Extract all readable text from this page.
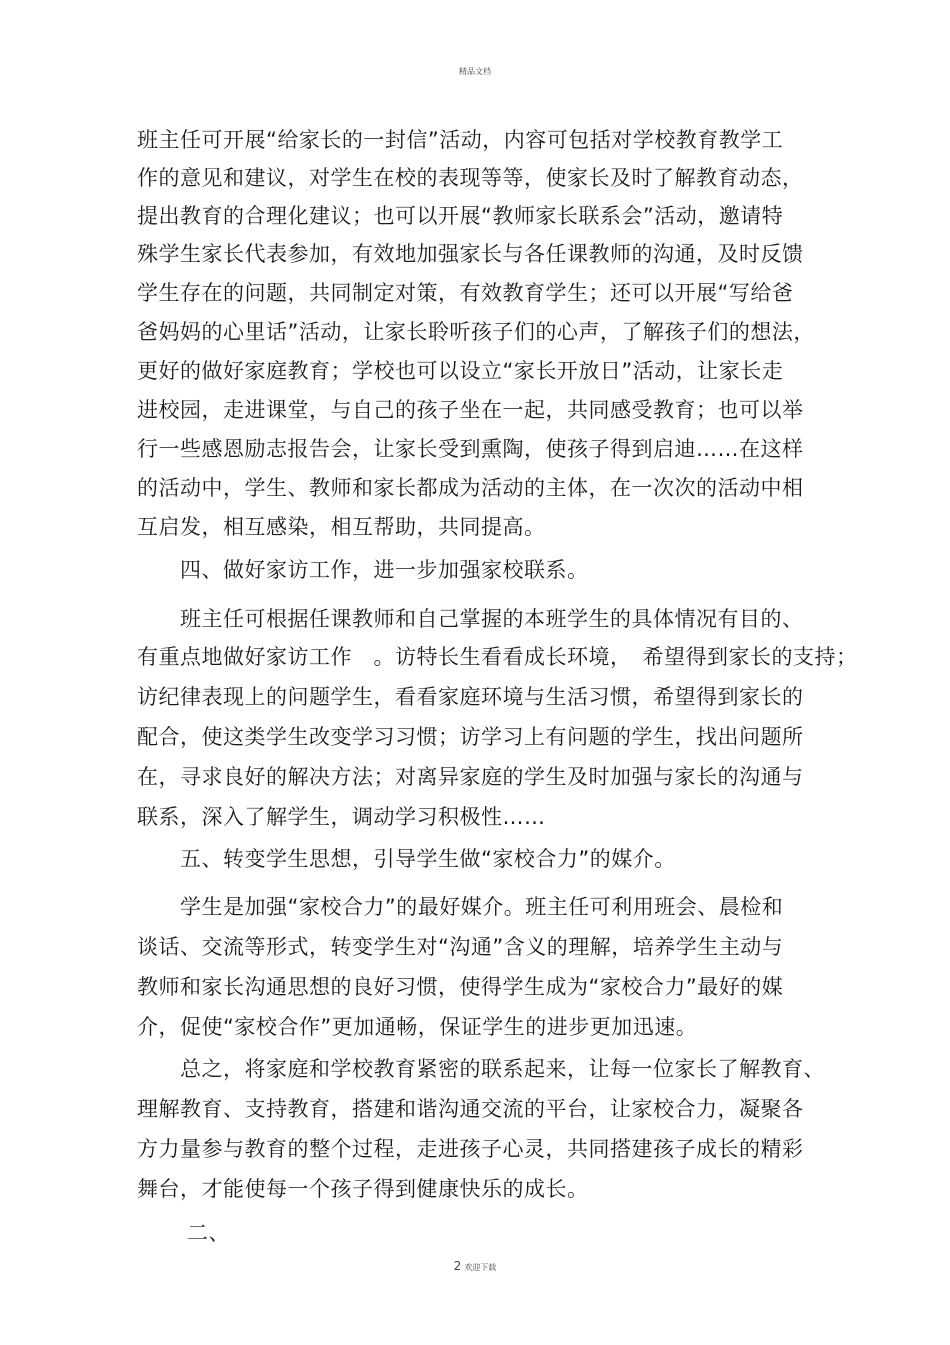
精品文档
班主任可开展“给家长的一封信”活动，内容可包括对学校教育教学工
作的意见和建议，对学生在校的表现等等，使家长及时了解教育动态，
提出教育的合理化建议；也可以开展“教师家长联系会”活动，邀请特
殊学生家长代表参加，有效地加强家长与各任课教师的沟通，及时反馈
学生存在的问题，共同制定对策，有效教育学生；还可以开展“写给爸
爸妈妈的心里话”活动，让家长聆听孩子们的心声，了解孩子们的想法，
更好的做好家庭教育；学校也可以设立“家长开放日”活动，让家长走
进校园，走进课堂，与自己的孩子坐在一起，共同感受教育；也可以举
行一些感恩励志报告会，让家长受到熏陶，使孩子得到启迪……在这样
的活动中，学生、教师和家长都成为活动的主体，在一次次的活动中相
互启发，相互感染，相互帮助，共同提高。
四、做好家访工作，进一步加强家校联系。
班主任可根据任课教师和自己掌握的本班学生的具体情况有目的、
有重点地做好家访工作　。访特长生看看成长环境，　希望得到家长的支持；
访纪律表现上的问题学生，看看家庭环境与生活习惯，希望得到家长的
配合，使这类学生改变学习习惯；访学习上有问题的学生，找出问题所
在，寻求良好的解决方法；对离异家庭的学生及时加强与家长的沟通与
联系，深入了解学生，调动学习积极性……
五、转变学生思想，引导学生做“家校合力”的媒介。
学生是加强“家校合力”的最好媒介。班主任可利用班会、晨检和
谈话、交流等形式，转变学生对“沟通”含义的理解，培养学生主动与
教师和家长沟通思想的良好习惯，使得学生成为“家校合力”最好的媒
介，促使“家校合作”更加通畅，保证学生的进步更加迅速。
总之，将家庭和学校教育紧密的联系起来，让每一位家长了解教育、
理解教育、支持教育，搭建和谐沟通交流的平台，让家校合力，凝聚各
方力量参与教育的整个过程，走进孩子心灵，共同搭建孩子成长的精彩
舞台，才能使每一个孩子得到健康快乐的成长。
二、
2 欢迎下载
